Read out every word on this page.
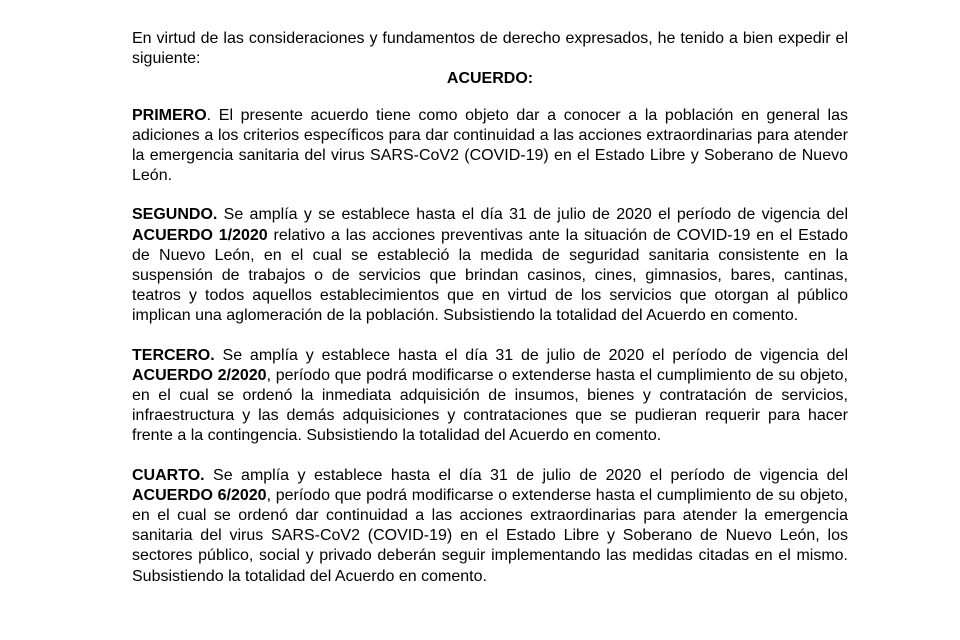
En virtud de las consideraciones y fundamentos de derecho expresados, he tenido a bien expedir el siguiente:

ACUERDO:

PRIMERO. El presente acuerdo tiene como objeto dar a conocer a la población en general las adiciones a los criterios específicos para dar continuidad a las acciones extraordinarias para atender la emergencia sanitaria del virus SARS-CoV2 (COVID-19) en el Estado Libre y Soberano de Nuevo León.

SEGUNDO. Se amplía y se establece hasta el día 31 de julio de 2020 el período de vigencia del ACUERDO 1/2020 relativo a las acciones preventivas ante la situación de COVID-19 en el Estado de Nuevo León, en el cual se estableció la medida de seguridad sanitaria consistente en la suspensión de trabajos o de servicios que brindan casinos, cines, gimnasios, bares, cantinas, teatros y todos aquellos establecimientos que en virtud de los servicios que otorgan al público implican una aglomeración de la población. Subsistiendo la totalidad del Acuerdo en comento.

TERCERO. Se amplía y establece hasta el día 31 de julio de 2020 el período de vigencia del ACUERDO 2/2020, período que podrá modificarse o extenderse hasta el cumplimiento de su objeto, en el cual se ordenó la inmediata adquisición de insumos, bienes y contratación de servicios, infraestructura y las demás adquisiciones y contrataciones que se pudieran requerir para hacer frente a la contingencia. Subsistiendo la totalidad del Acuerdo en comento.

CUARTO. Se amplía y establece hasta el día 31 de julio de 2020 el período de vigencia del ACUERDO 6/2020, período que podrá modificarse o extenderse hasta el cumplimiento de su objeto, en el cual se ordenó dar continuidad a las acciones extraordinarias para atender la emergencia sanitaria del virus SARS-CoV2 (COVID-19) en el Estado Libre y Soberano de Nuevo León, los sectores público, social y privado deberán seguir implementando las medidas citadas en el mismo. Subsistiendo la totalidad del Acuerdo en comento.
